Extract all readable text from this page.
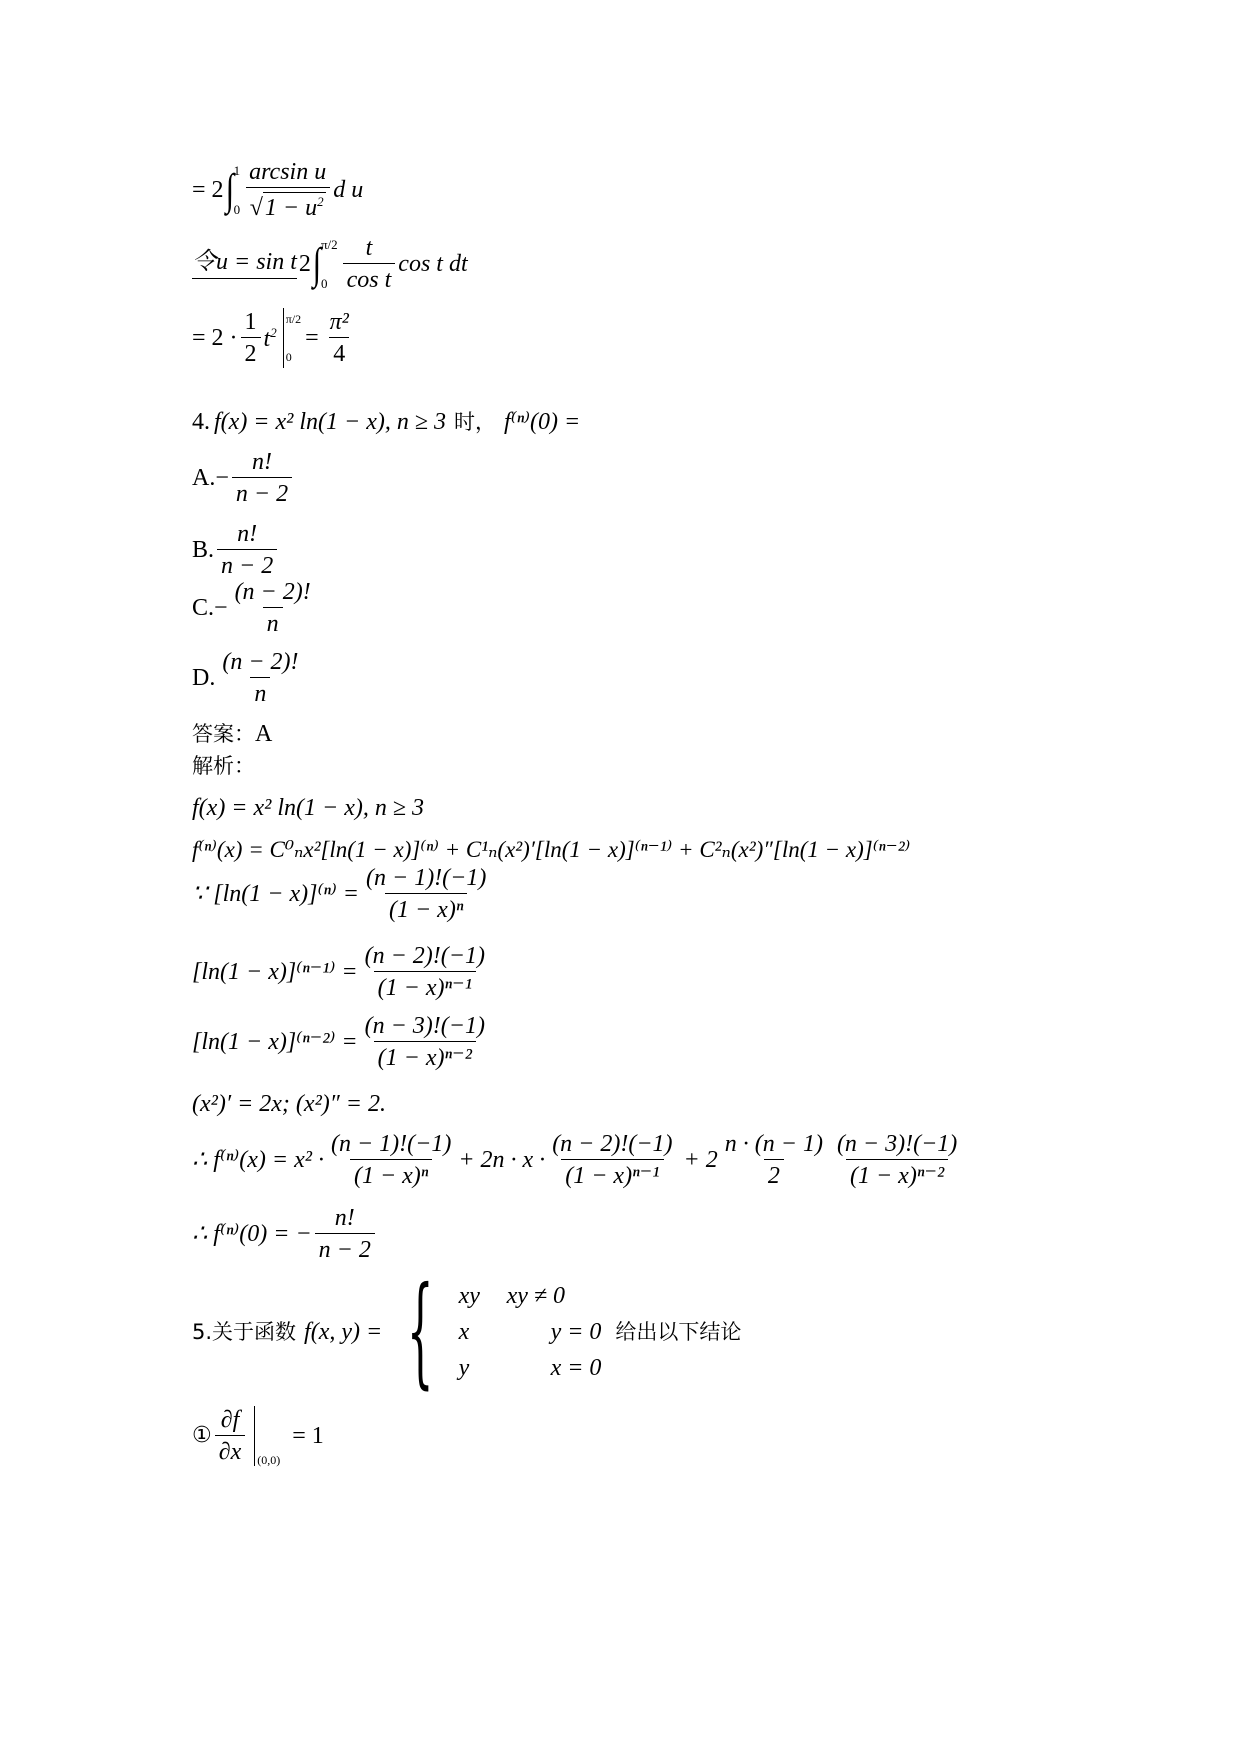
= 2 ∫ 1
$0 \frac{\text{arcsin u}}{√ 1 - u^2}$ d u
令u = sin t 2 ∫ π/2
$0 \frac{t}{\text{cos t}}$ cos t dt
= $2 \cdot \frac{1}{2} t^2$
π/2
0
= $\frac{\text{π²}}{4}$
4. f(x) = x² ln(1 − x), n ≥ 3 时， f⁽ⁿ⁾(0) =
A. − $\frac{n!}{n - 2}$
B. $\frac{n!}{n - 2}$
C. − $\frac{(n - 2)!}{n}$
D. $\frac{(n - 2)!}{n}$
答案： A
解析：
f(x) = x² ln(1 − x), n ≥ 3
f⁽ⁿ⁾(x) = C⁰ₙx²[ln(1 − x)]⁽ⁿ⁾ + C¹ₙ(x²)′[ln(1 − x)]⁽ⁿ⁻¹⁾ + C²ₙ(x²)″[ln(1 − x)]⁽ⁿ⁻²⁾
∵ $[\ln(1 - x)]^{(n)} = \frac{(n - 1)!(-1)}{\text{(1 − x)ⁿ}}$
$[\ln(1 - x)]^{(n-1)} = \frac{(n - 2)!(-1)}{\text{(1 − x)ⁿ⁻¹}}$
$[\ln(1 - x)]^{(n-2)} = \frac{(n - 3)!(-1)}{\text{(1 − x)ⁿ⁻²}}$
(x²)′ = 2x; (x²)″ = 2.
∴ $f^{(n)}(x) = x^2 \cdot \frac{(n - 1)!(-1)}{\text{(1 − x)ⁿ}} + 2n \cdot x \cdot \frac{(n - 2)!(-1)}{\text{(1 − x)ⁿ⁻¹}} + 2 \frac{n \cdot (n - 1)}{2} \frac{(n - 3)!(-1)}{\text{(1 − x)ⁿ⁻²}}$
∴ f⁽ⁿ⁾(0) = − $\frac{n!}{n - 2}$
5.关于函数 f(x, y) = { xy	xy ≠ 0
x	y = 0
y	x = 0
给出以下结论
① $\frac{\partial f}{\partial x} (0,0)$
= 1
